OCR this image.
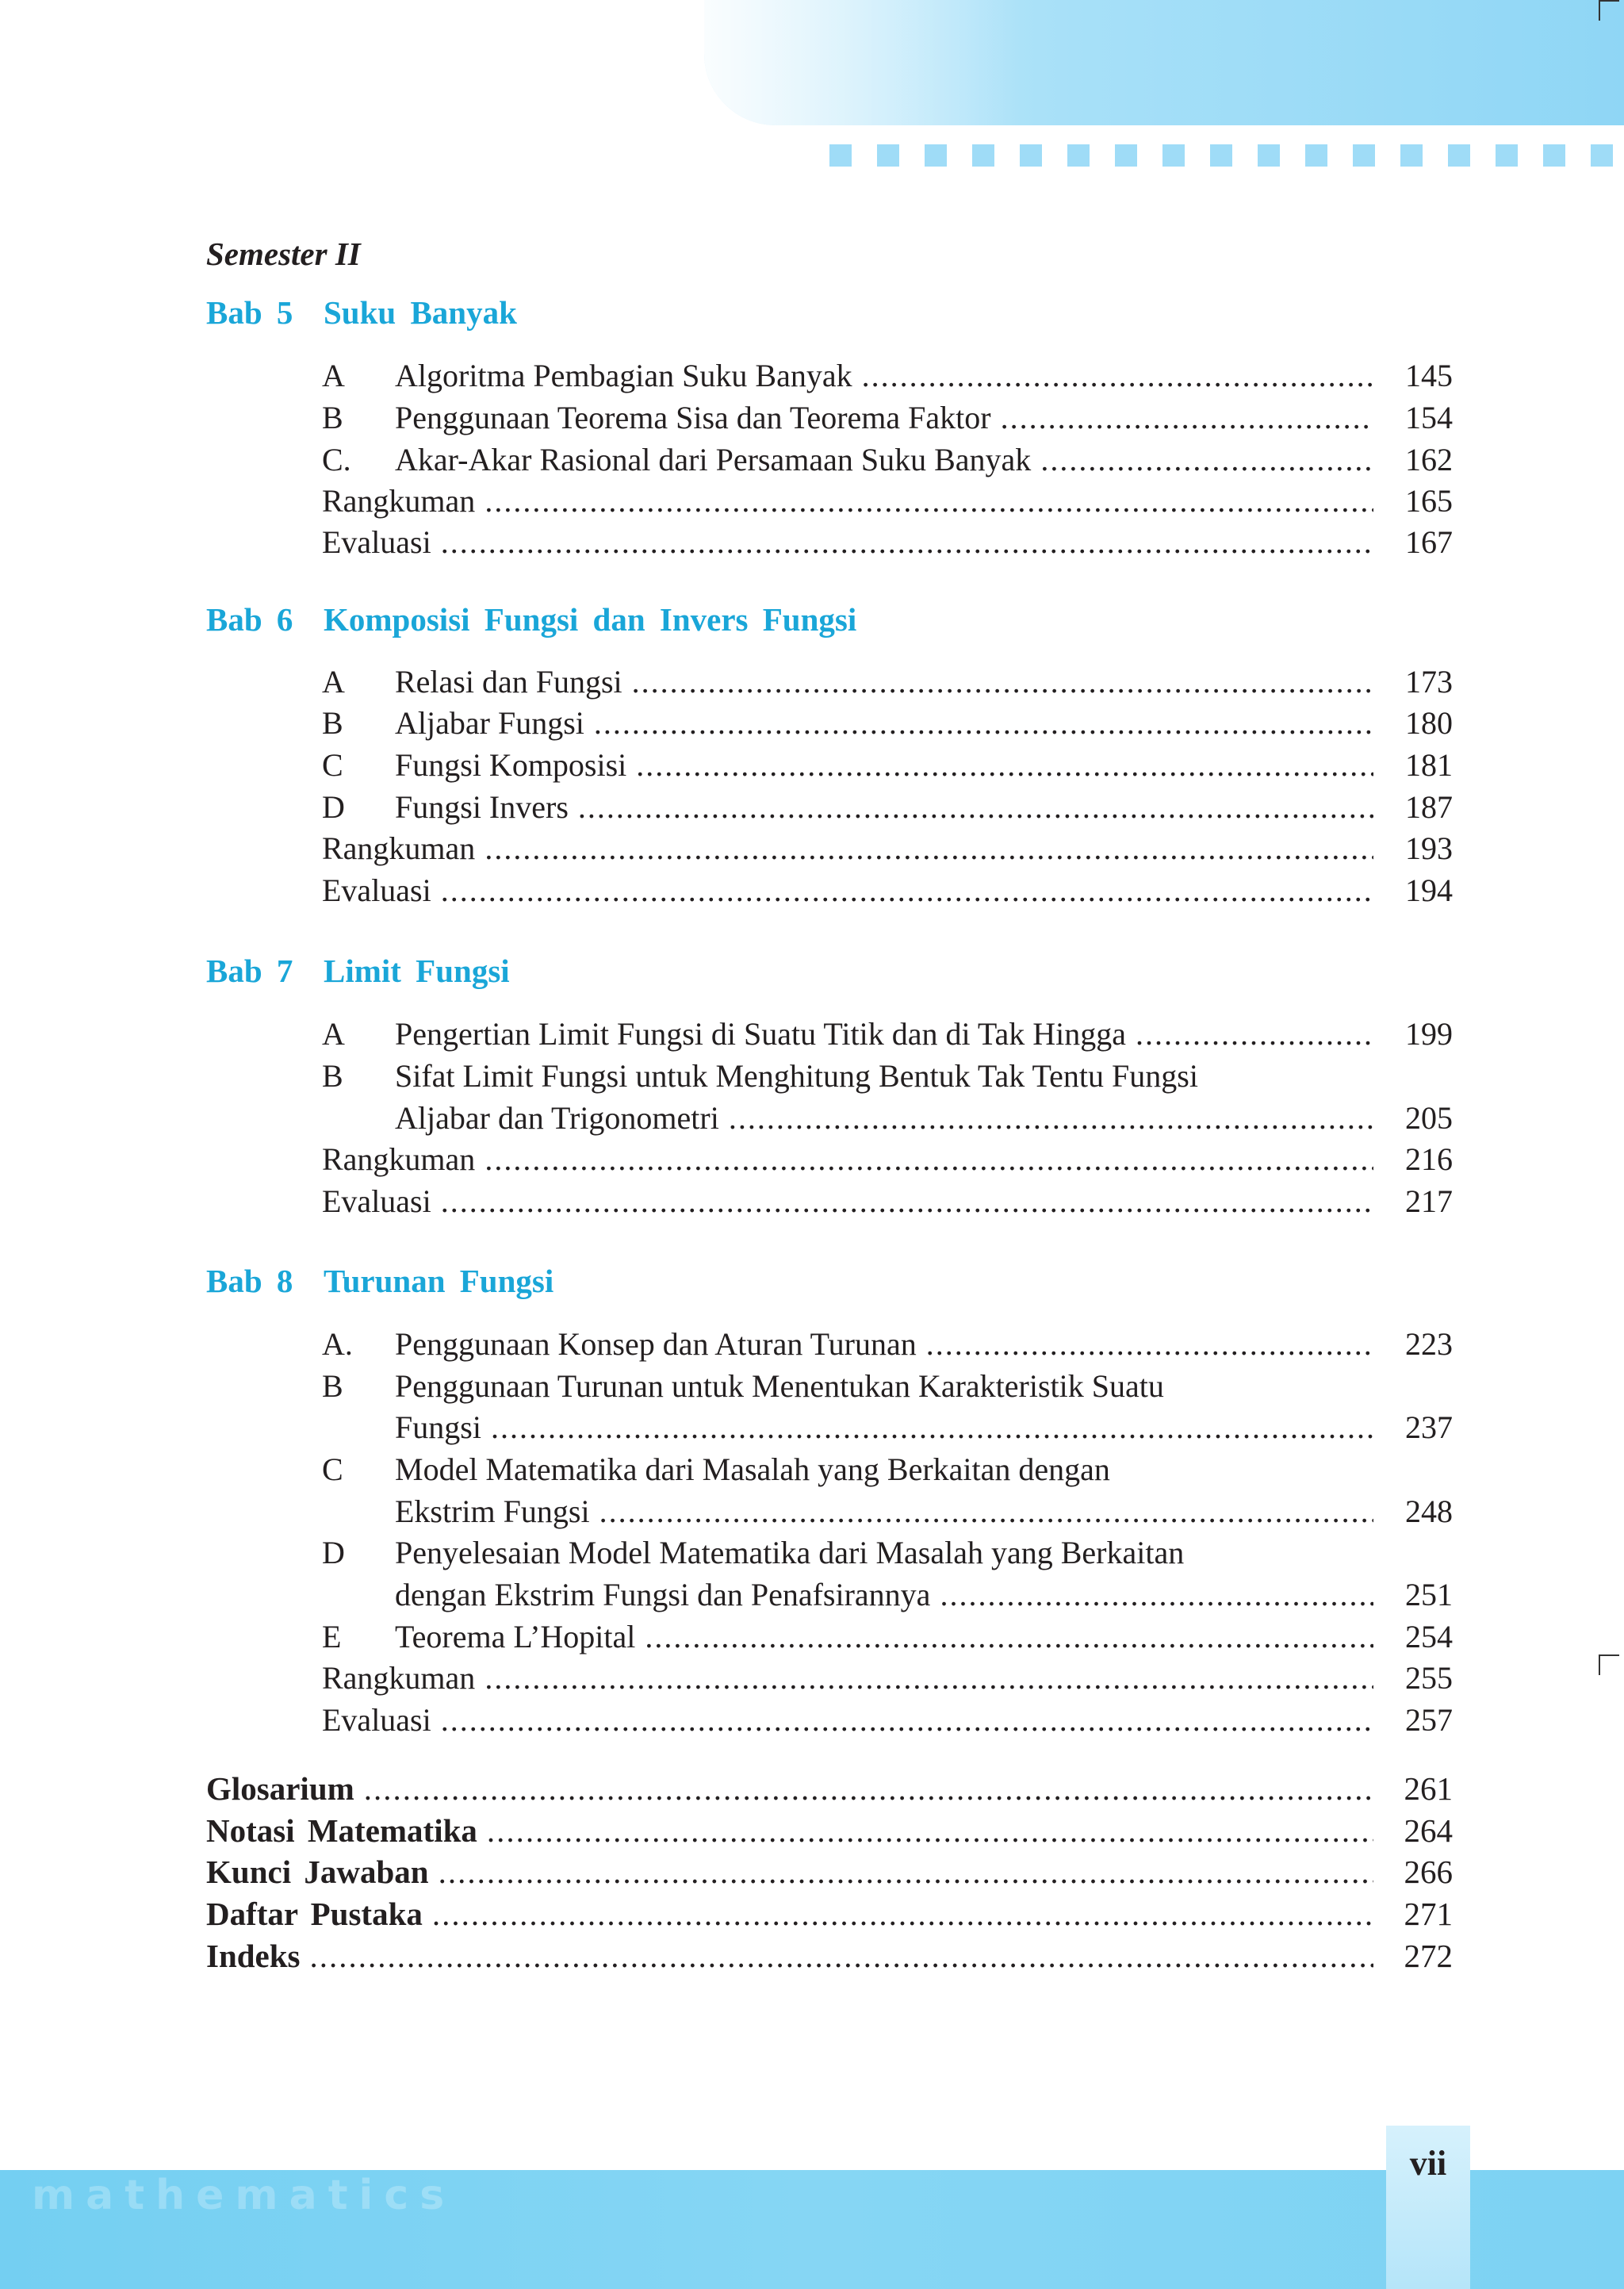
Semester II
Bab 5 Suku Banyak
A	Algoritma Pembagian Suku Banyak .....	145
B	Penggunaan Teorema Sisa dan Teorema Faktor .....	154
C.	Akar-Akar Rasional dari Persamaan Suku Banyak .....	162
Rangkuman .....	165
Evaluasi .....	167
Bab 6 Komposisi Fungsi dan Invers Fungsi
A	Relasi dan Fungsi .....	173
B	Aljabar Fungsi .....	180
C	Fungsi Komposisi .....	181
D	Fungsi Invers .....	187
Rangkuman .....	193
Evaluasi .....	194
Bab 7 Limit Fungsi
A	Pengertian Limit Fungsi di Suatu Titik dan di Tak Hingga .....	199
B	Sifat Limit Fungsi untuk Menghitung Bentuk Tak Tentu Fungsi
Aljabar dan Trigonometri .....	205
Rangkuman .....	216
Evaluasi .....	217
Bab 8 Turunan Fungsi
A.	Penggunaan Konsep dan Aturan Turunan .....	223
B	Penggunaan Turunan untuk Menentukan Karakteristik Suatu
Fungsi .....	237
C	Model Matematika dari Masalah yang Berkaitan dengan
Ekstrim Fungsi .....	248
D	Penyelesaian Model Matematika dari Masalah yang Berkaitan
dengan Ekstrim Fungsi dan Penafsirannya .....	251
E	Teorema L’Hopital .....	254
Rangkuman .....	255
Evaluasi .....	257
Glosarium .....	261
Notasi Matematika .....	264
Kunci Jawaban .....	266
Daftar Pustaka .....	271
Indeks .....	272
mathematics
vii
